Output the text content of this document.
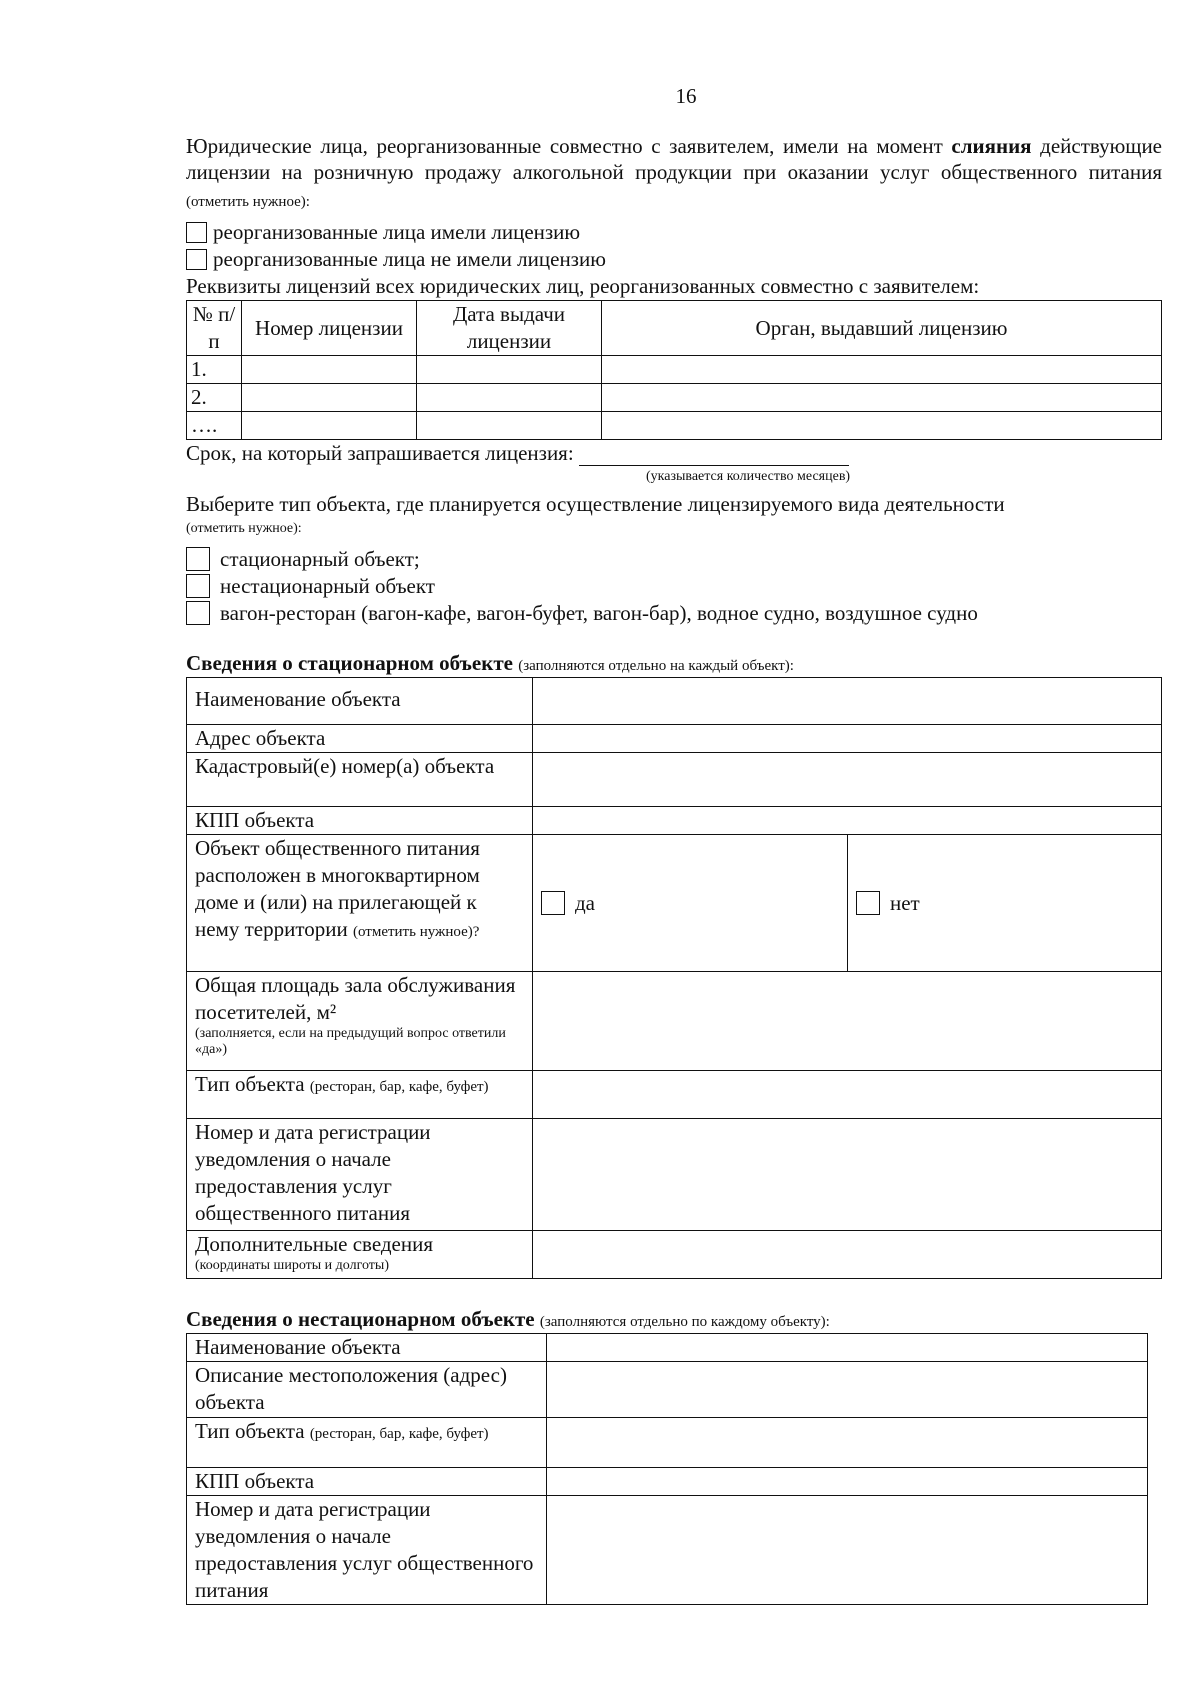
16
Юридические лица, реорганизованные совместно с заявителем, имели на момент слияния действующие лицензии на розничную продажу алкогольной продукции при оказании услуг общественного питания (отметить нужное):
реорганизованные лица имели лицензию
реорганизованные лица не имели лицензию
Реквизиты лицензий всех юридических лиц, реорганизованных совместно с заявителем:
№ п/п	Номер лицензии	Дата выдачи лицензии	Орган, выдавший лицензию
1.			
2.			
….			
Срок, на который запрашивается лицензия:
(указывается количество месяцев)
Выберите тип объекта, где планируется осуществление лицензируемого вида деятельности
(отметить нужное):
стационарный объект;
нестационарный объект
вагон-ресторан (вагон-кафе, вагон-буфет, вагон-бар), водное судно, воздушное судно
Сведения о стационарном объекте (заполняются отдельно на каждый объект):
Наименование объекта		
Адрес объекта		
Кадастровый(е) номер(а) объекта		
КПП объекта		
Объект общественного питания расположен в многоквартирном доме и (или) на прилегающей к нему территории (отметить нужное)?	да	нет

Общая площадь зала обслуживания посетителей, м²
(заполняется, если на предыдущий вопрос ответили «да»)		

Тип объекта (ресторан, бар, кафе, буфет)		
Номер и дата регистрации уведомления о начале предоставления услуг общественного питания		
Дополнительные сведения
(координаты широты и долготы)		

Сведения о нестационарном объекте (заполняются отдельно по каждому объекту):
Наименование объекта	
Описание местоположения (адрес) объекта	
Тип объекта (ресторан, бар, кафе, буфет)	
КПП объекта	
Номер и дата регистрации уведомления о начале предоставления услуг общественного питания	
